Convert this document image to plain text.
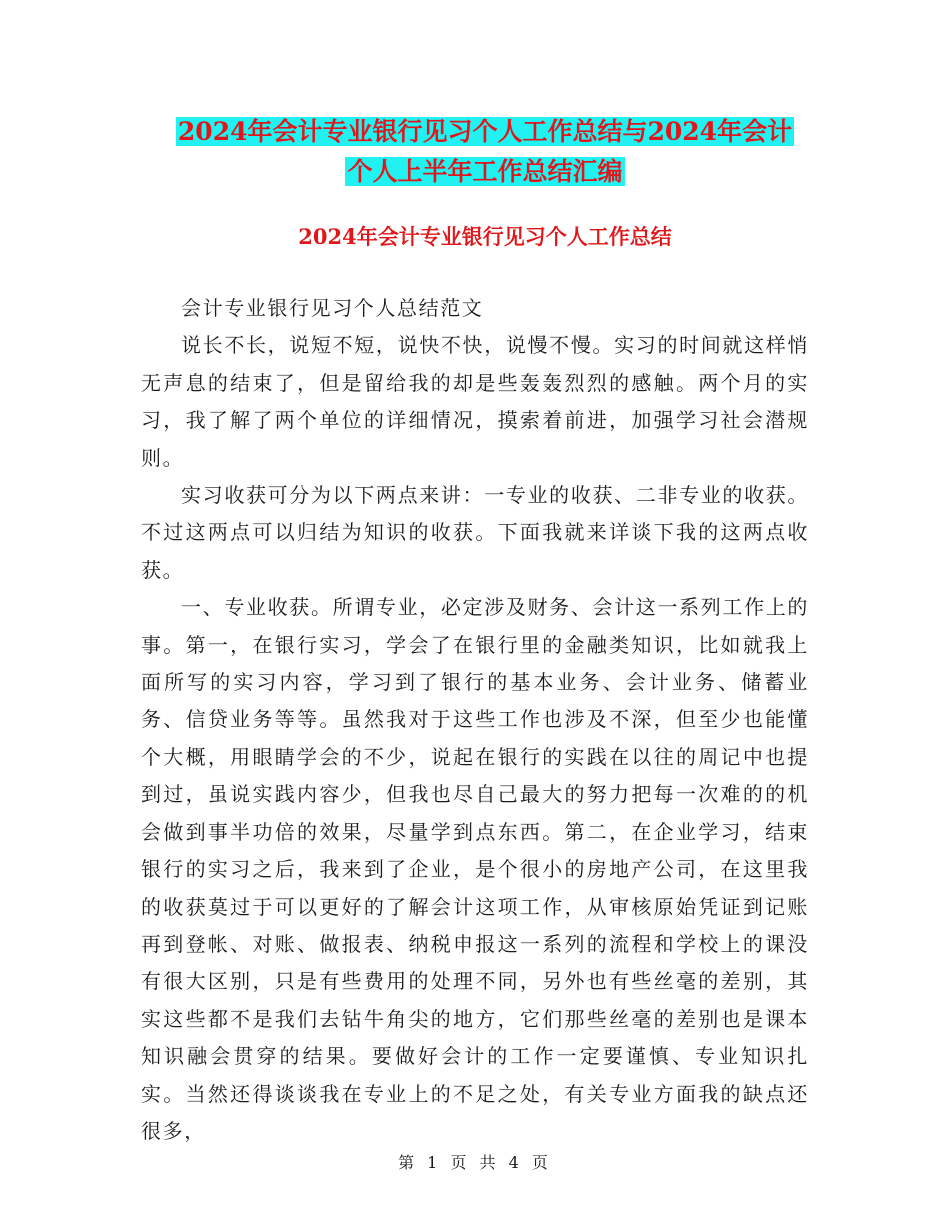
2024年会计专业银行见习个人工作总结与2024年会计
个人上半年工作总结汇编
2024年会计专业银行见习个人工作总结

会计专业银行见习个人总结范文

说长不长，说短不短，说快不快，说慢不慢。实习的时间就这样悄无声息的结束了，但是留给我的却是些轰轰烈烈的感触。两个月的实习，我了解了两个单位的详细情况，摸索着前进，加强学习社会潜规则。

实习收获可分为以下两点来讲：一专业的收获、二非专业的收获。不过这两点可以归结为知识的收获。下面我就来详谈下我的这两点收获。

一、专业收获。所谓专业，必定涉及财务、会计这一系列工作上的事。第一，在银行实习，学会了在银行里的金融类知识，比如就我上面所写的实习内容，学习到了银行的基本业务、会计业务、储蓄业务、信贷业务等等。虽然我对于这些工作也涉及不深，但至少也能懂个大概，用眼睛学会的不少，说起在银行的实践在以往的周记中也提到过，虽说实践内容少，但我也尽自己最大的努力把每一次难的的机会做到事半功倍的效果，尽量学到点东西。第二，在企业学习，结束银行的实习之后，我来到了企业，是个很小的房地产公司，在这里我的收获莫过于可以更好的了解会计这项工作，从审核原始凭证到记账再到登帐、对账、做报表、纳税申报这一系列的流程和学校上的课没有很大区别，只是有些费用的处理不同，另外也有些丝毫的差别，其实这些都不是我们去钻牛角尖的地方，它们那些丝毫的差别也是课本知识融会贯穿的结果。要做好会计的工作一定要谨慎、专业知识扎实。当然还得谈谈我在专业上的不足之处，有关专业方面我的缺点还很多，

第 1 页 共 4 页
